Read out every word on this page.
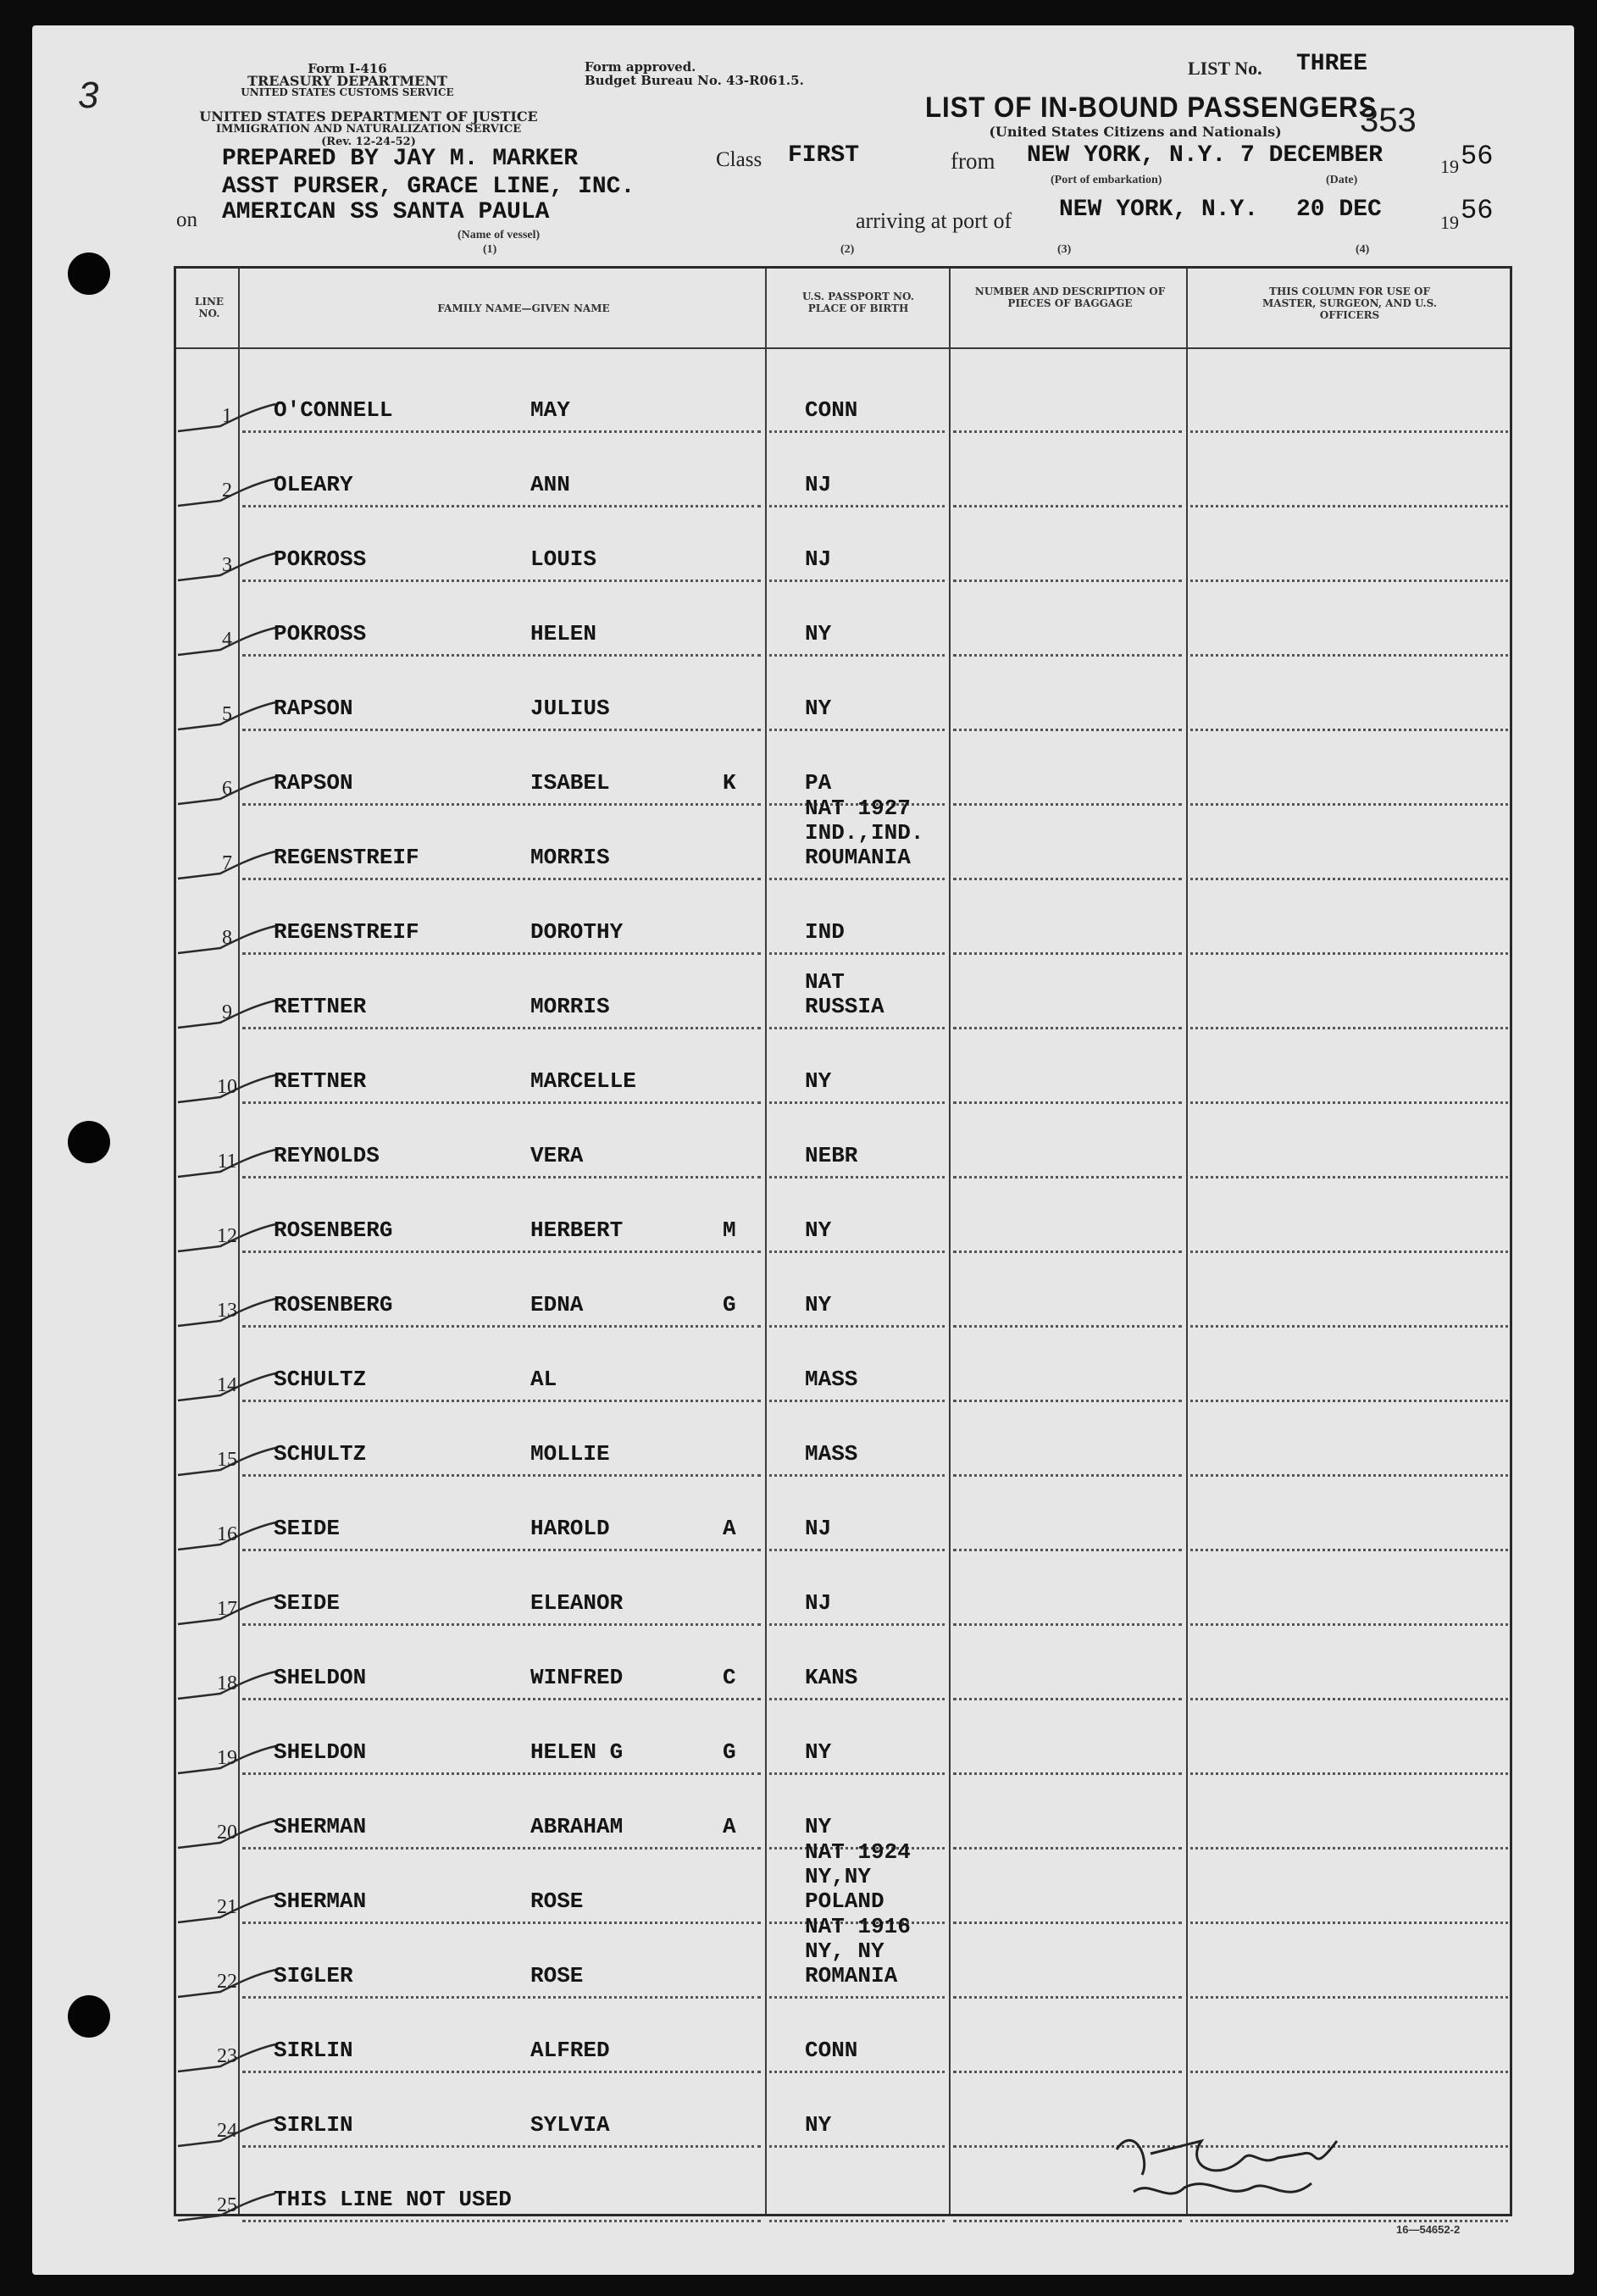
3
Form I-416
TREASURY DEPARTMENT
UNITED STATES CUSTOMS SERVICE
Form approved.
Budget Bureau No. 43-R061.5.
UNITED STATES DEPARTMENT OF JUSTICE
IMMIGRATION AND NATURALIZATION SERVICE
(Rev. 12-24-52)
LIST No. THREE
LIST OF IN-BOUND PASSENGERS
(United States Citizens and Nationals)	353
PREPARED BY JAY M. MARKER
ASST PURSER, GRACE LINE, INC.
on AMERICAN SS SANTA PAULA
(Name of vessel)
(1)
Class FIRST	from NEW YORK, N.Y. 7 DECEMBER	19 56
(Port of embarkation)	(Date)
arriving at port of NEW YORK, N.Y. 20 DEC	19 56
(2)	(3)	(4)
LINE NO.	FAMILY NAME—GIVEN NAME
U.S. PASSPORT NO. PLACE OF BIRTH
NUMBER AND DESCRIPTION OF PIECES OF BAGGAGE
THIS COLUMN FOR USE OF MASTER, SURGEON, AND U.S. OFFICERS
1	O'CONNELL	MAY	CONN
2	OLEARY	ANN	NJ
3	POKROSS	LOUIS	NJ
4	POKROSS	HELEN	NY
5	RAPSON	JULIUS	NY
6	RAPSON	ISABEL	K	PA
7	REGENSTREIF	MORRIS
NAT 1927
IND.,IND.
ROUMANIA
8	REGENSTREIF	DOROTHY	IND
9	RETTNER	MORRIS
NAT
RUSSIA
10	RETTNER	MARCELLE	NY
11	REYNOLDS	VERA	NEBR
12	ROSENBERG	HERBERT	M	NY
13	ROSENBERG	EDNA	G	NY
14	SCHULTZ	AL	MASS
15	SCHULTZ	MOLLIE	MASS
16	SEIDE	HAROLD	A	NJ
17	SEIDE	ELEANOR	NJ
18	SHELDON	WINFRED	C	KANS
19	SHELDON	HELEN G	G	NY
20	SHERMAN	ABRAHAM	A	NY
21	SHERMAN	ROSE
NAT 1924
NY,NY
POLAND
22	SIGLER	ROSE
NAT 1916
NY, NY
ROMANIA
23	SIRLIN	ALFRED	CONN
24	SIRLIN	SYLVIA	NY
25	THIS LINE NOT USED
16—54652-2
